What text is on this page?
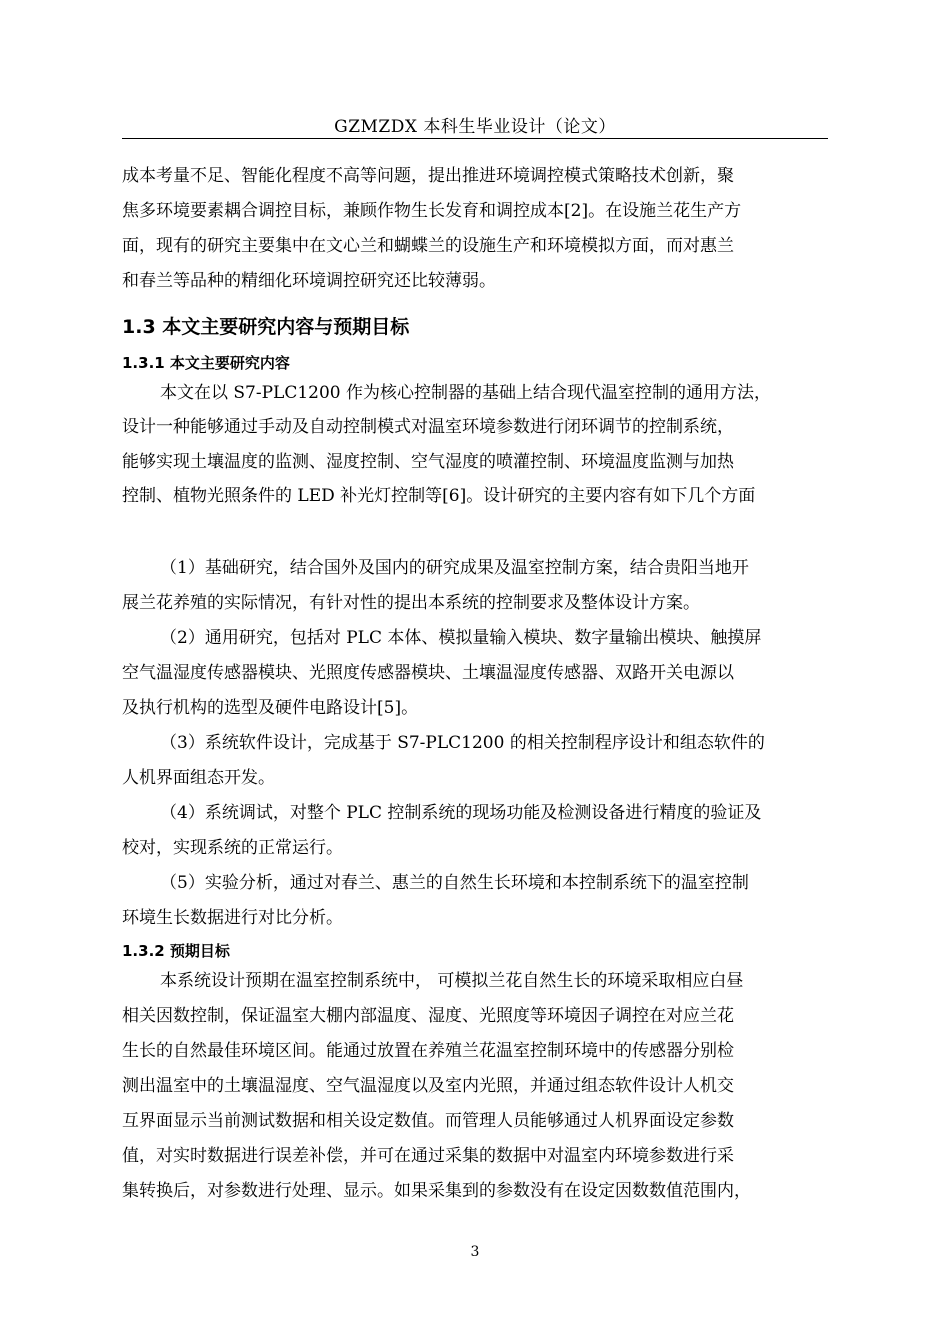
GZMZDX 本科生毕业设计（论文）
成本考量不足、智能化程度不高等问题，提出推进环境调控模式策略技术创新，聚
焦多环境要素耦合调控目标，兼顾作物生长发育和调控成本[2]。在设施兰花生产方
面，现有的研究主要集中在文心兰和蝴蝶兰的设施生产和环境模拟方面，而对惠兰
和春兰等品种的精细化环境调控研究还比较薄弱。
1.3 本文主要研究内容与预期目标
1.3.1 本文主要研究内容
本文在以 S7-PLC1200 作为核心控制器的基础上结合现代温室控制的通用方法，
设计一种能够通过手动及自动控制模式对温室环境参数进行闭环调节的控制系统，
能够实现土壤温度的监测、湿度控制、空气湿度的喷灌控制、环境温度监测与加热
控制、植物光照条件的 LED 补光灯控制等[6]。设计研究的主要内容有如下几个方面
（1）基础研究，结合国外及国内的研究成果及温室控制方案，结合贵阳当地开
展兰花养殖的实际情况，有针对性的提出本系统的控制要求及整体设计方案。
（2）通用研究，包括对 PLC 本体、模拟量输入模块、数字量输出模块、触摸屏
空气温湿度传感器模块、光照度传感器模块、土壤温湿度传感器、双路开关电源以
及执行机构的选型及硬件电路设计[5]。
（3）系统软件设计，完成基于 S7-PLC1200 的相关控制程序设计和组态软件的
人机界面组态开发。
（4）系统调试，对整个 PLC 控制系统的现场功能及检测设备进行精度的验证及
校对，实现系统的正常运行。
（5）实验分析，通过对春兰、惠兰的自然生长环境和本控制系统下的温室控制
环境生长数据进行对比分析。
1.3.2 预期目标
本系统设计预期在温室控制系统中， 可模拟兰花自然生长的环境采取相应白昼
相关因数控制，保证温室大棚内部温度、湿度、光照度等环境因子调控在对应兰花
生长的自然最佳环境区间。能通过放置在养殖兰花温室控制环境中的传感器分别检
测出温室中的土壤温湿度、空气温湿度以及室内光照，并通过组态软件设计人机交
互界面显示当前测试数据和相关设定数值。而管理人员能够通过人机界面设定参数
值，对实时数据进行误差补偿，并可在通过采集的数据中对温室内环境参数进行采
集转换后，对参数进行处理、显示。如果采集到的参数没有在设定因数数值范围内，
3
